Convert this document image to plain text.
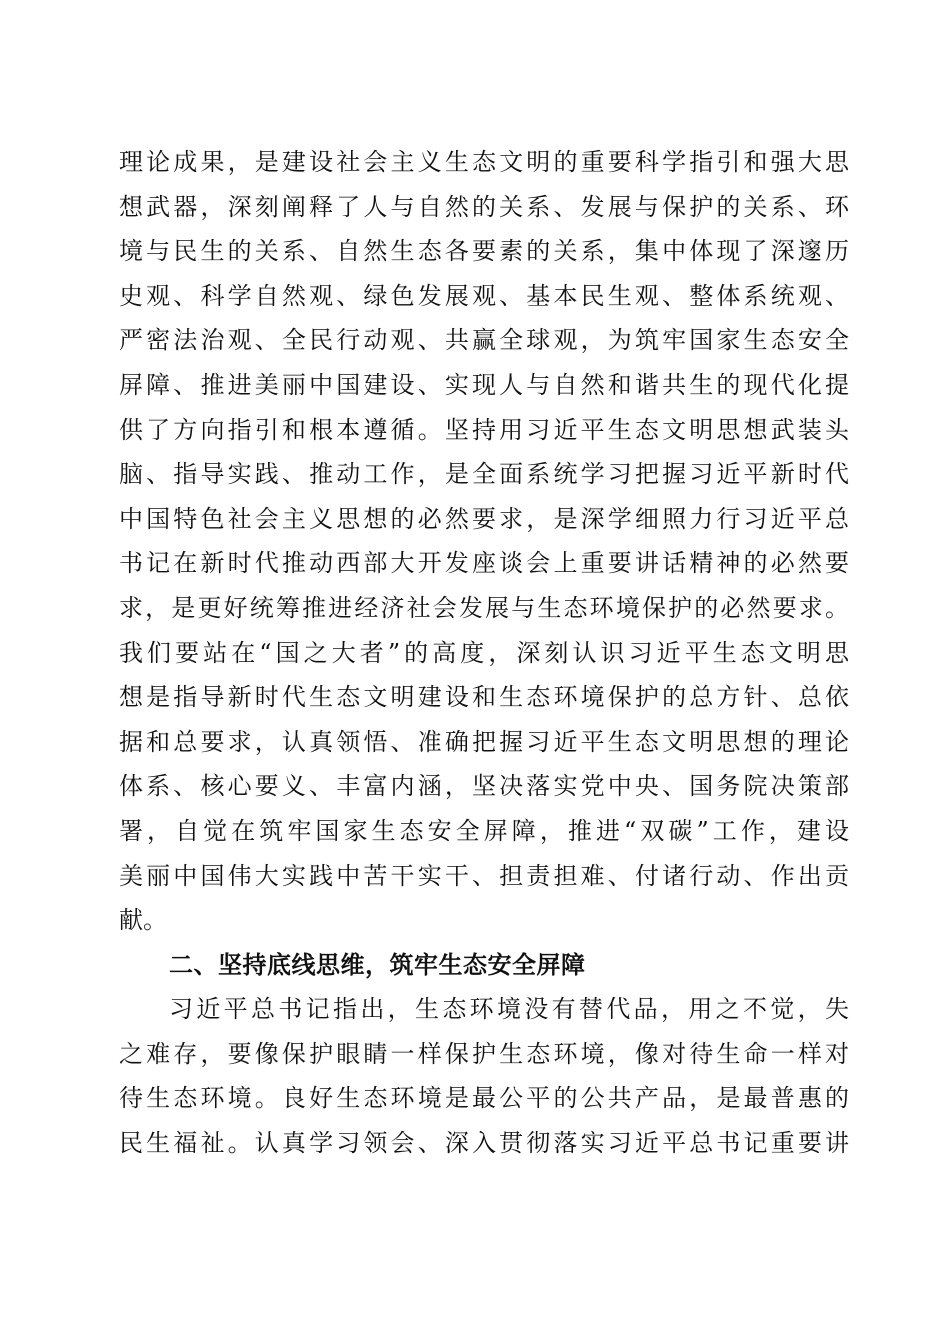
理论成果，是建设社会主义生态文明的重要科学指引和强大思
想武器，深刻阐释了人与自然的关系、发展与保护的关系、环
境与民生的关系、自然生态各要素的关系，集中体现了深邃历
史观、科学自然观、绿色发展观、基本民生观、整体系统观、
严密法治观、全民行动观、共赢全球观，为筑牢国家生态安全
屏障、推进美丽中国建设、实现人与自然和谐共生的现代化提
供了方向指引和根本遵循。坚持用习近平生态文明思想武装头
脑、指导实践、推动工作，是全面系统学习把握习近平新时代
中国特色社会主义思想的必然要求，是深学细照力行习近平总
书记在新时代推动西部大开发座谈会上重要讲话精神的必然要
求，是更好统筹推进经济社会发展与生态环境保护的必然要求。
我们要站在“国之大者”的高度，深刻认识习近平生态文明思
想是指导新时代生态文明建设和生态环境保护的总方针、总依
据和总要求，认真领悟、准确把握习近平生态文明思想的理论
体系、核心要义、丰富内涵，坚决落实党中央、国务院决策部
署，自觉在筑牢国家生态安全屏障，推进“双碳”工作，建设
美丽中国伟大实践中苦干实干、担责担难、付诸行动、作出贡
献。
二、坚持底线思维，筑牢生态安全屏障
习近平总书记指出，生态环境没有替代品，用之不觉，失
之难存，要像保护眼睛一样保护生态环境，像对待生命一样对
待生态环境。良好生态环境是最公平的公共产品，是最普惠的
民生福祉。认真学习领会、深入贯彻落实习近平总书记重要讲
